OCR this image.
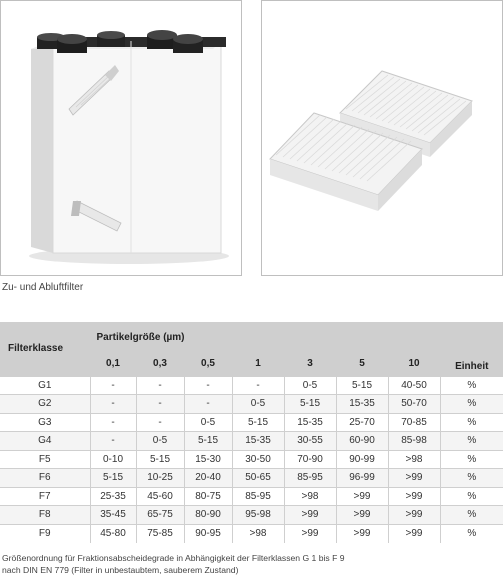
Zu- und Abluftfilter
Filterklasse	Partikelgröße (µm)							Einheit
	0,1	0,3	0,5	1	3	5	10	
G1	-	-	-	-	0-5	5-15	40-50	%
G2	-	-	-	0-5	5-15	15-35	50-70	%
G3	-	-	0-5	5-15	15-35	25-70	70-85	%
G4	-	0-5	5-15	15-35	30-55	60-90	85-98	%
F5	0-10	5-15	15-30	30-50	70-90	90-99	>98	%
F6	5-15	10-25	20-40	50-65	85-95	96-99	>99	%
F7	25-35	45-60	80-75	85-95	>98	>99	>99	%
F8	35-45	65-75	80-90	95-98	>99	>99	>99	%
F9	45-80	75-85	90-95	>98	>99	>99	>99	%
Größenordnung für Fraktionsabscheidegrade in Abhängigkeit der Filterklassen G 1 bis F 9
nach DIN EN 779 (Filter in unbestaubtem, sauberem Zustand)
